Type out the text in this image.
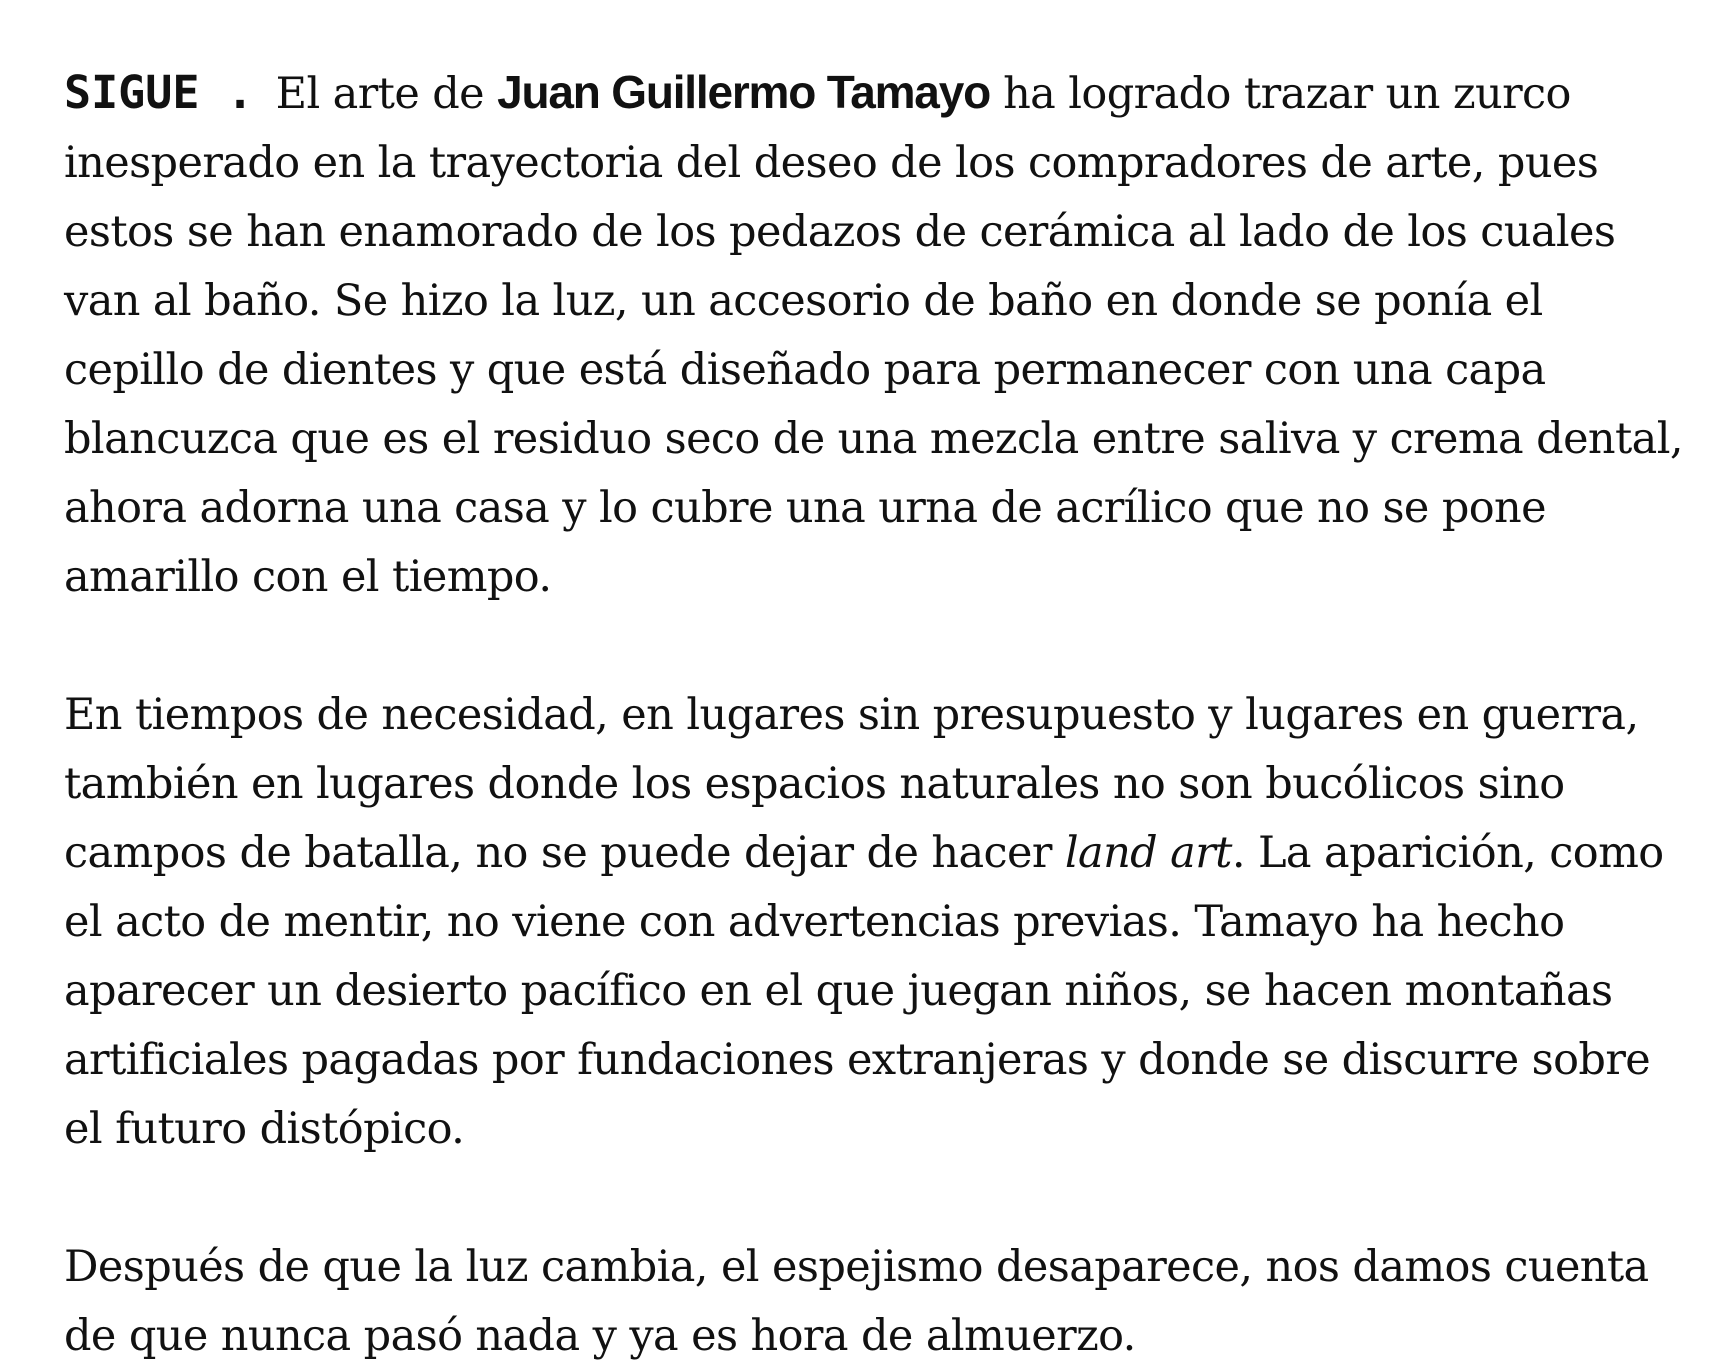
SIGUE . El arte de Juan Guillermo Tamayo ha logrado trazar un zurco inesperado en la trayectoria del deseo de los compradores de arte, pues estos se han enamorado de los pedazos de cerámica al lado de los cuales van al baño. Se hizo la luz, un accesorio de baño en donde se ponía el cepillo de dientes y que está diseñado para permanecer con una capa blancuzca que es el residuo seco de una mezcla entre saliva y crema dental, ahora adorna una casa y lo cubre una urna de acrílico que no se pone amarillo con el tiempo.

En tiempos de necesidad, en lugares sin presupuesto y lugares en guerra, también en lugares donde los espacios naturales no son bucólicos sino campos de batalla, no se puede dejar de hacer land art. La aparición, como el acto de mentir, no viene con advertencias previas. Tamayo ha hecho aparecer un desierto pacífico en el que juegan niños, se hacen montañas artificiales pagadas por fundaciones extranjeras y donde se discurre sobre el futuro distópico.

Después de que la luz cambia, el espejismo desaparece, nos damos cuenta de que nunca pasó nada y ya es hora de almuerzo.
